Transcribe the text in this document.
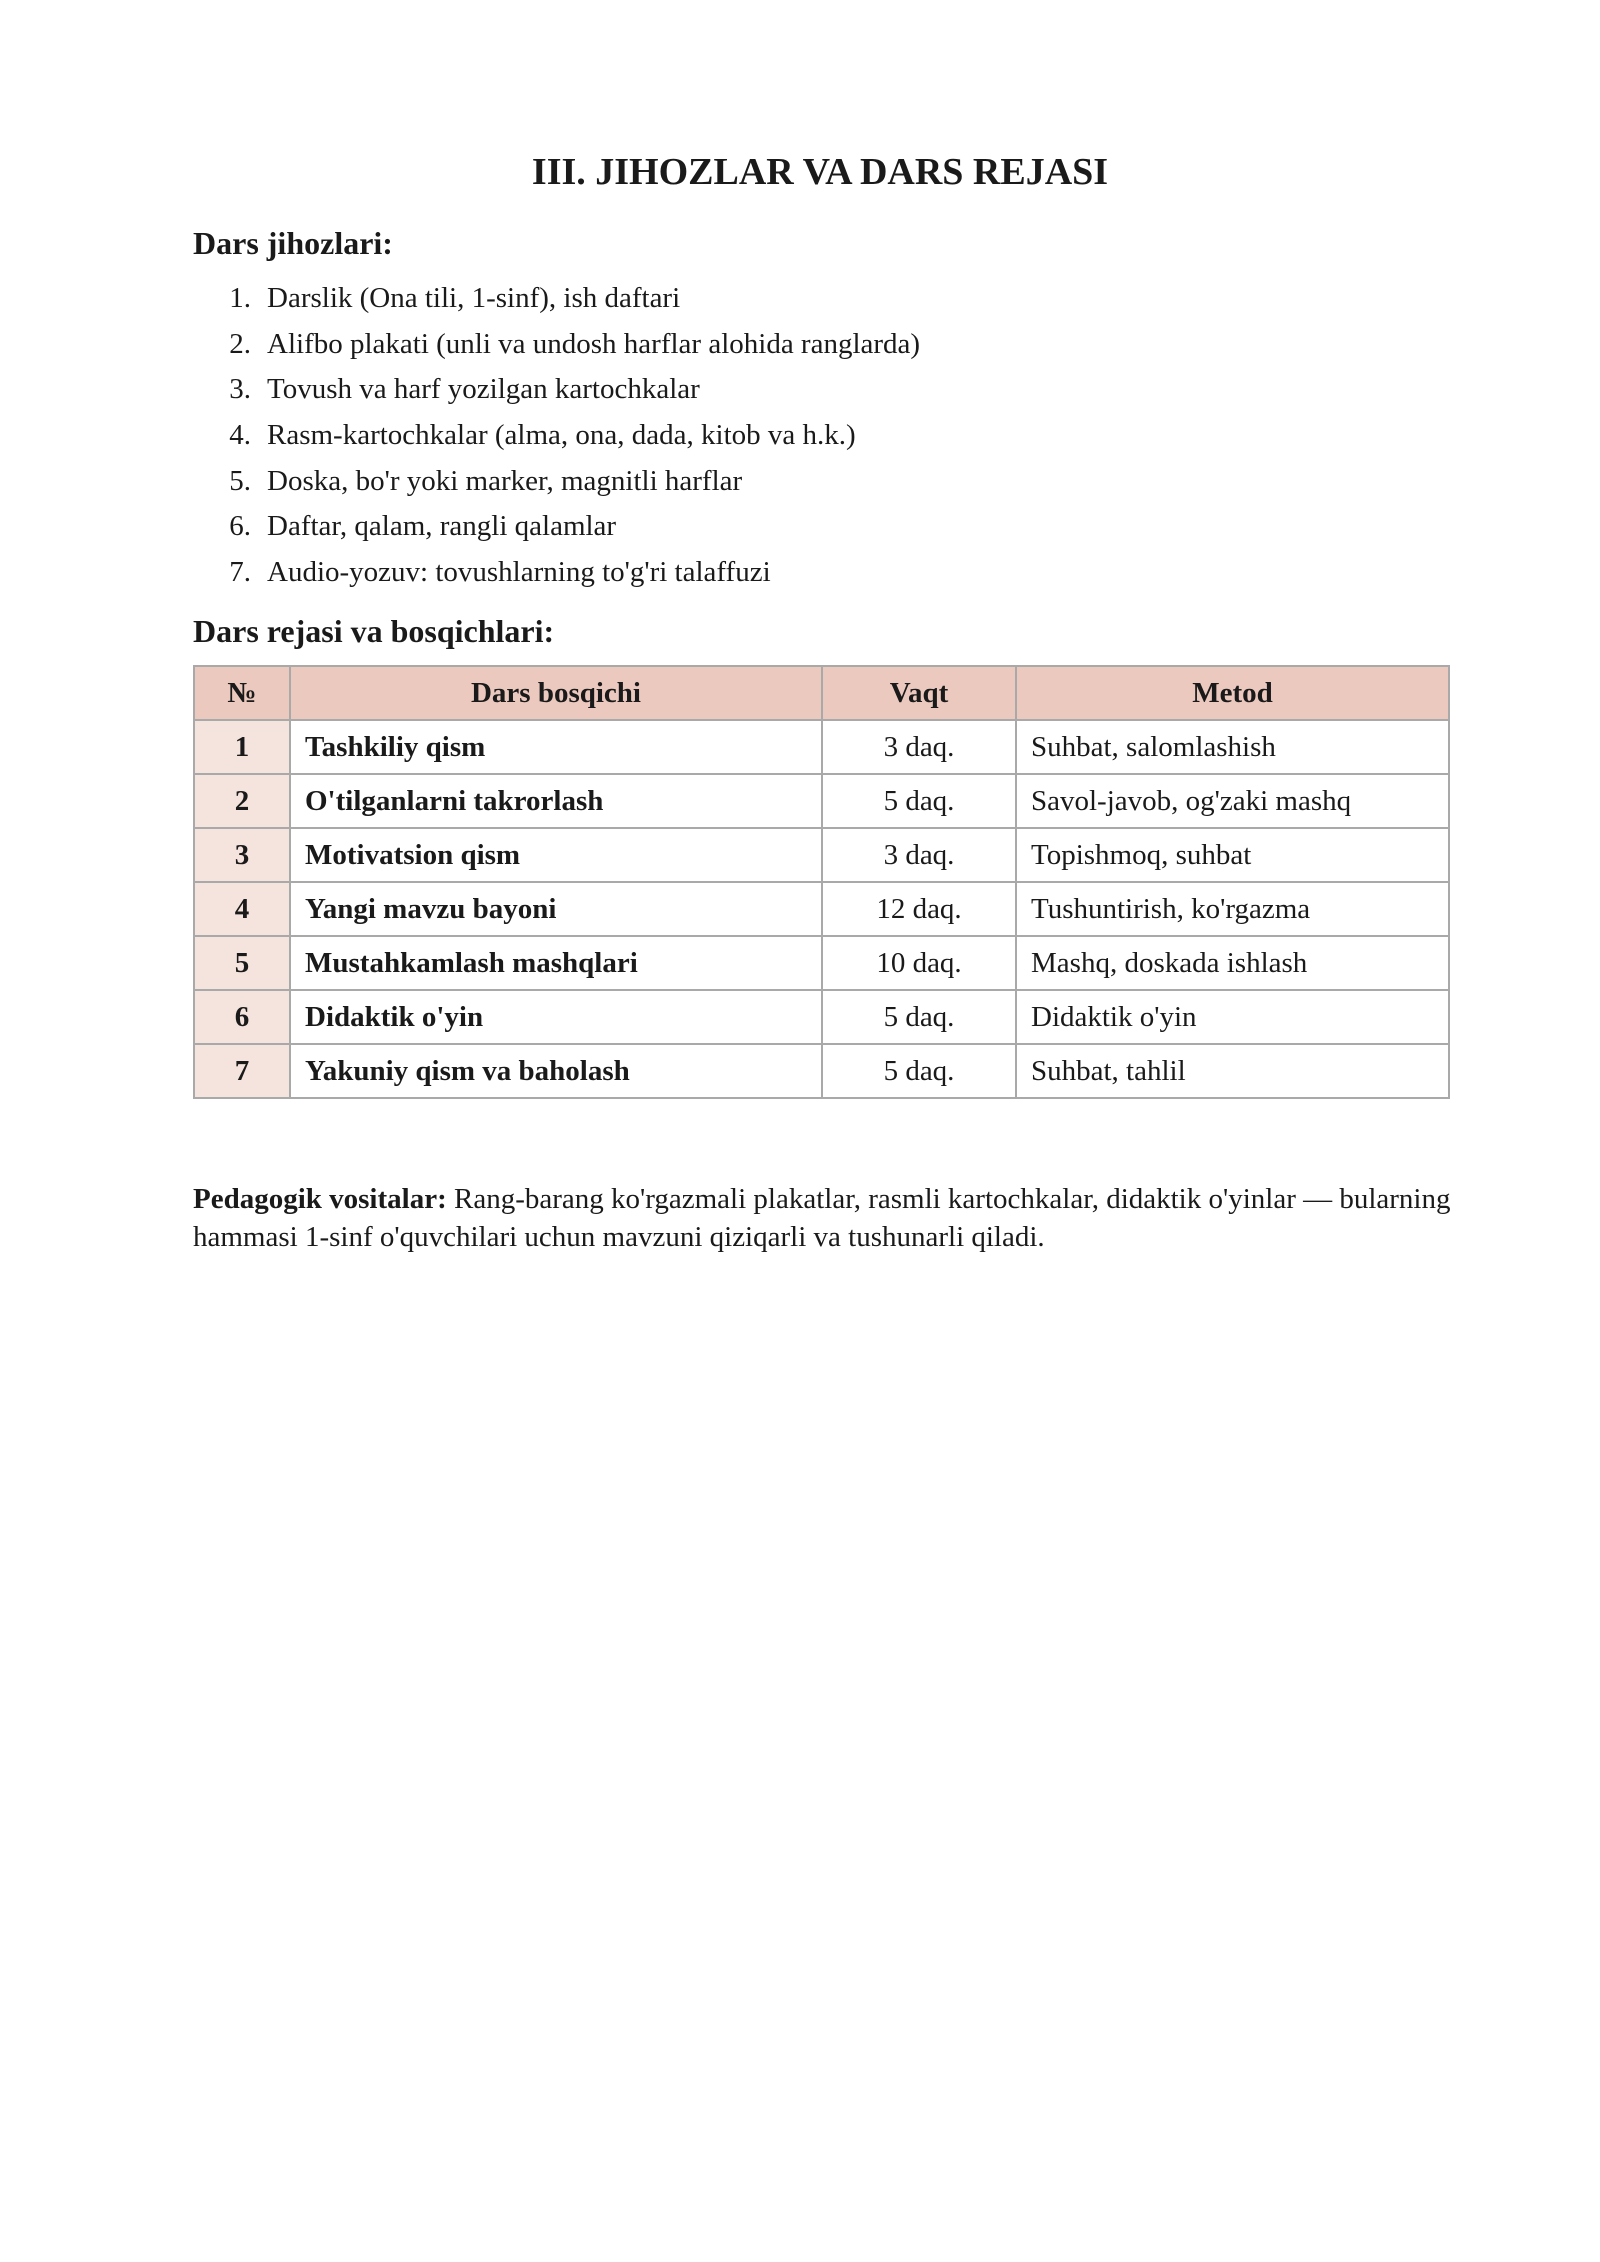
III. JIHOZLAR VA DARS REJASI
Dars jihozlari:
1. Darslik (Ona tili, 1-sinf), ish daftari
2. Alifbo plakati (unli va undosh harflar alohida ranglarda)
3. Tovush va harf yozilgan kartochkalar
4. Rasm-kartochkalar (alma, ona, dada, kitob va h.k.)
5. Doska, bo'r yoki marker, magnitli harflar
6. Daftar, qalam, rangli qalamlar
7. Audio-yozuv: tovushlarning to'g'ri talaffuzi
Dars rejasi va bosqichlari:
№	Dars bosqichi	Vaqt	Metod
1	Tashkiliy qism	3 daq.	Suhbat, salomlashish
2	O'tilganlarni takrorlash	5 daq.	Savol-javob, og'zaki mashq
3	Motivatsion qism	3 daq.	Topishmoq, suhbat
4	Yangi mavzu bayoni	12 daq.	Tushuntirish, ko'rgazma
5	Mustahkamlash mashqlari	10 daq.	Mashq, doskada ishlash
6	Didaktik o'yin	5 daq.	Didaktik o'yin
7	Yakuniy qism va baholash	5 daq.	Suhbat, tahlil

Pedagogik vositalar: Rang-barang ko'rgazmali plakatlar, rasmli kartochkalar, didaktik o'yinlar — bularning hammasi 1-sinf o'quvchilari uchun mavzuni qiziqarli va tushunarli qiladi.
